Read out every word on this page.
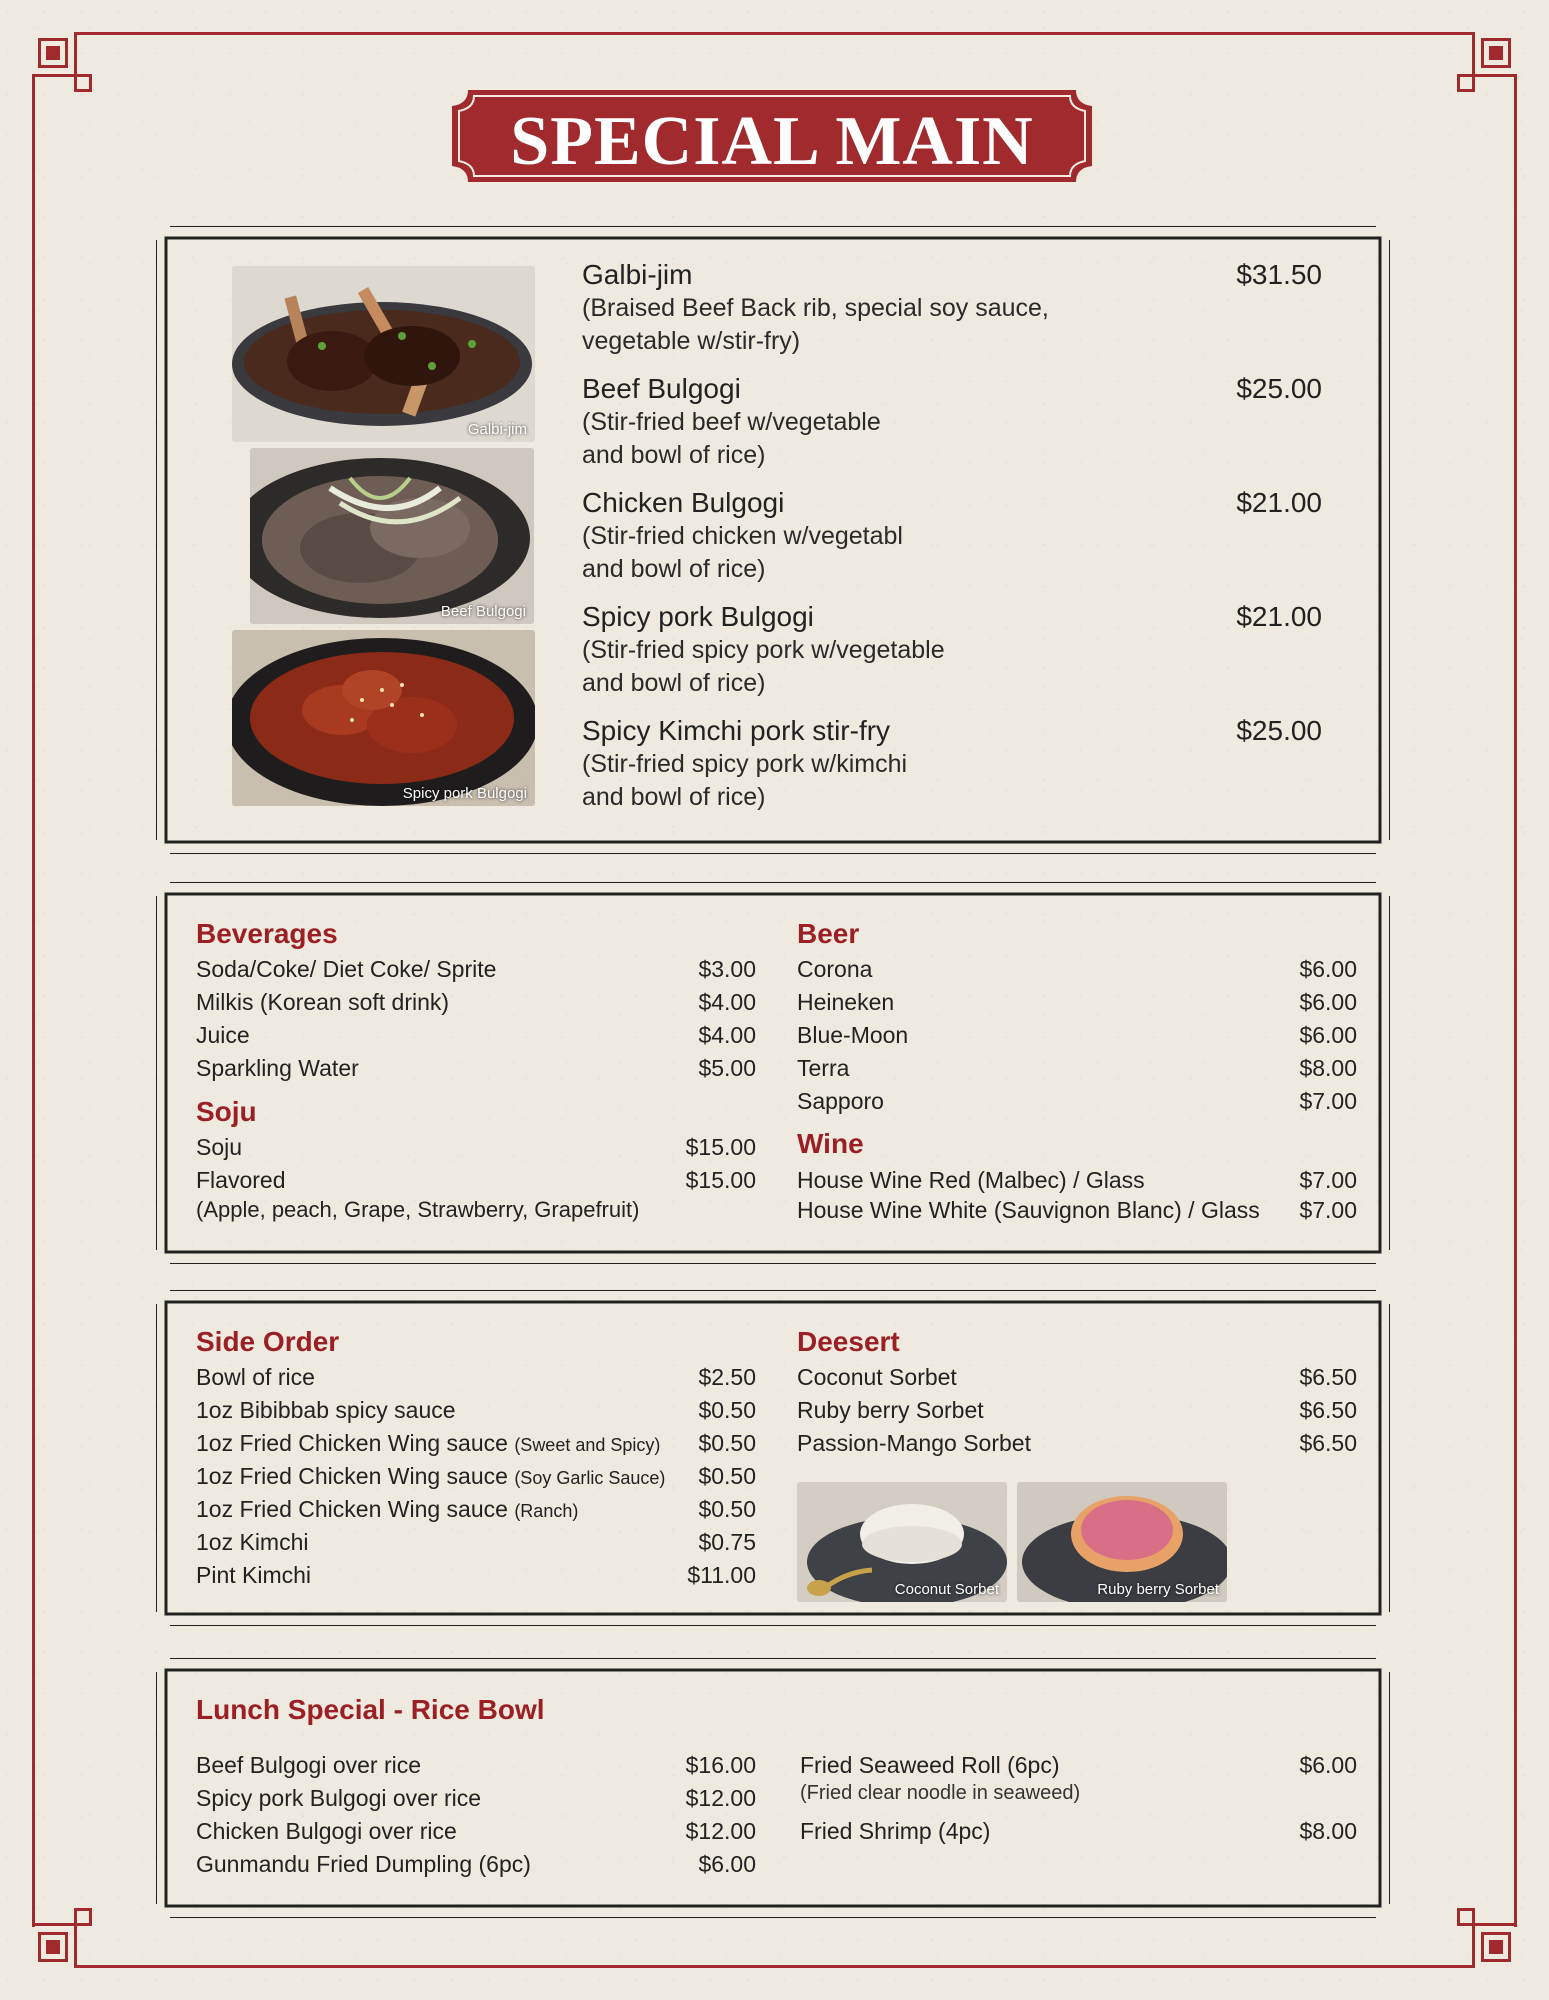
SPECIAL MAIN
Galbi-jim
Beef Bulgogi
Spicy pork Bulgogi
Galbi-jim
(Braised Beef Back rib, special soy sauce,
vegetable w/stir-fry)
$31.50
Beef Bulgogi
(Stir-fried beef w/vegetable
and bowl of rice)
$25.00
Chicken Bulgogi
(Stir-fried chicken w/vegetabl
and bowl of rice)
$21.00
Spicy pork Bulgogi
(Stir-fried spicy pork w/vegetable
and bowl of rice)
$21.00
Spicy Kimchi pork stir-fry
(Stir-fried spicy pork w/kimchi
and bowl of rice)
$25.00
Beverages
Soda/Coke/ Diet Coke/ Sprite	$3.00
Milkis (Korean soft drink)	$4.00
Juice	$4.00
Sparkling Water	$5.00
Soju
Soju	$15.00
Flavored	$15.00
(Apple, peach, Grape, Strawberry, Grapefruit)
Beer
Corona	$6.00
Heineken	$6.00
Blue-Moon	$6.00
Terra	$8.00
Sapporo	$7.00
Wine
House Wine Red (Malbec) / Glass	$7.00
House Wine White (Sauvignon Blanc) / Glass $7.00
Side Order
Bowl of rice	$2.50
1oz Bibibbab spicy sauce	$0.50
1oz Fried Chicken Wing sauce (Sweet and Spicy) $0.50
1oz Fried Chicken Wing sauce (Soy Garlic Sauce) $0.50
1oz Fried Chicken Wing sauce (Ranch)	$0.50
1oz Kimchi	$0.75
Pint Kimchi	$11.00
Deesert
Coconut Sorbet	$6.50
Ruby berry Sorbet	$6.50
Passion-Mango Sorbet	$6.50
Coconut Sorbet	Ruby berry Sorbet
Lunch Special - Rice Bowl
Beef Bulgogi over rice	$16.00
Spicy pork Bulgogi over rice	$12.00
Chicken Bulgogi over rice	$12.00
Gunmandu Fried Dumpling (6pc)	$6.00
Fried Seaweed Roll (6pc)	$6.00
(Fried clear noodle in seaweed)
Fried Shrimp (4pc)	$8.00
